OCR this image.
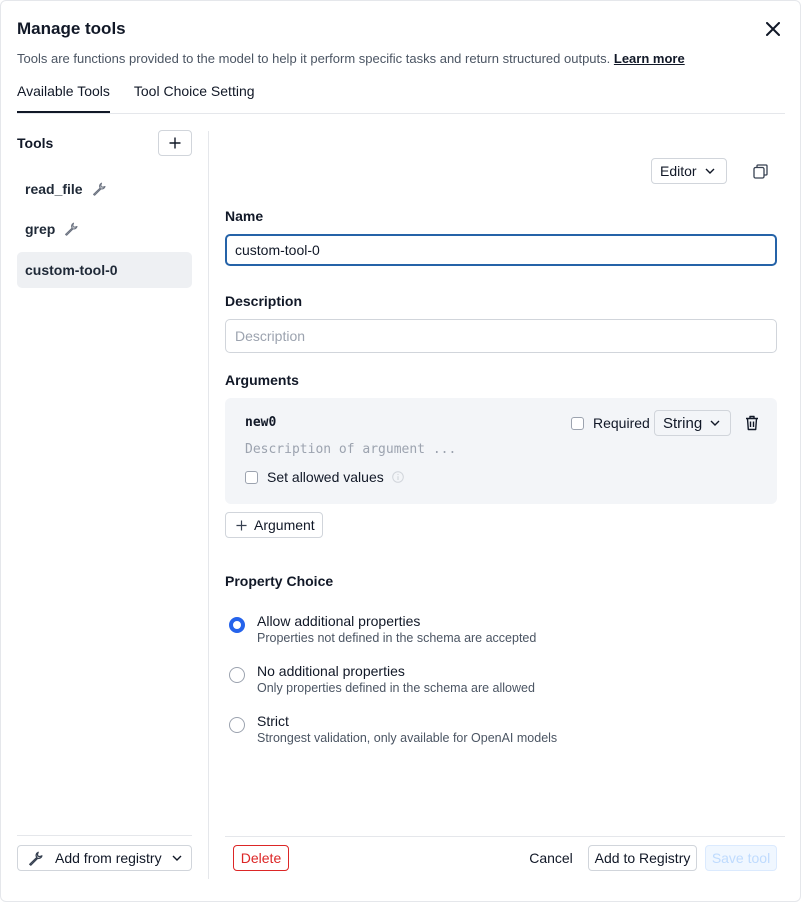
Manage tools
Tools are functions provided to the model to help it perform specific tasks and return structured outputs. Learn more
Available Tools Tool Choice Setting
Tools
read_file
grep
custom-tool-0
Add from registry
Editor
Name
custom-tool-0
Description
Description
Arguments
new0
Description of argument ...
Required String
Set allowed values
Argument
Property Choice
Allow additional properties
Properties not defined in the schema are accepted
No additional properties
Only properties defined in the schema are allowed
Strict
Strongest validation, only available for OpenAI models
Delete	Cancel	Add to Registry	Save tool
